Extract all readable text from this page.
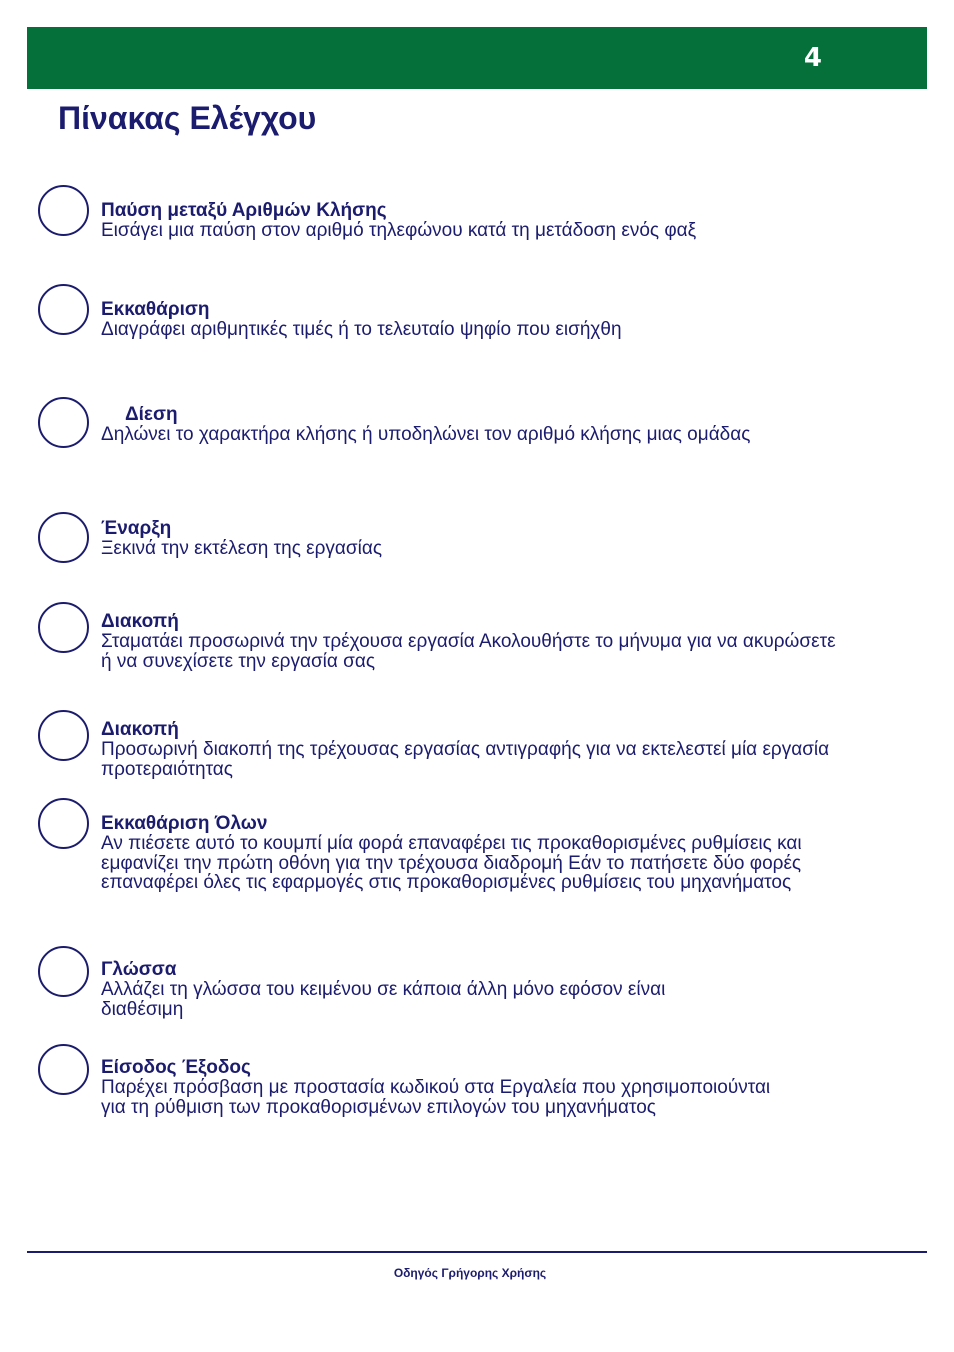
4
Πίνακας Ελέγχου

Παύση μεταξύ Αριθμών Κλήσης

Εισάγει μια παύση στον αριθμό τηλεφώνου κατά τη μετάδοση ενός φαξ

Εκκαθάριση

Διαγράφει αριθμητικές τιμές ή το τελευταίο ψηφίο που εισήχθη

Δίεση

Δηλώνει το χαρακτήρα κλήσης ή υποδηλώνει τον αριθμό κλήσης μιας ομάδας

Έναρξη

Ξεκινά την εκτέλεση της εργασίας

Διακοπή

Σταματάει προσωρινά την τρέχουσα εργασία Ακολουθήστε το μήνυμα για να ακυρώσετε ή να συνεχίσετε την εργασία σας

Διακοπή

Προσωρινή διακοπή της τρέχουσας εργασίας αντιγραφής για να εκτελεστεί μία εργασία προτεραιότητας

Εκκαθάριση Όλων

Αν πιέσετε αυτό το κουμπί μία φορά επαναφέρει τις προκαθορισμένες ρυθμίσεις και εμφανίζει την πρώτη οθόνη για την τρέχουσα διαδρομή Εάν το πατήσετε δύο φορές επαναφέρει όλες τις εφαρμογές στις προκαθορισμένες ρυθμίσεις του μηχανήματος

Γλώσσα

Αλλάζει τη γλώσσα του κειμένου σε κάποια άλλη μόνο εφόσον είναι διαθέσιμη

Είσοδος Έξοδος

Παρέχει πρόσβαση με προστασία κωδικού στα Εργαλεία που χρησιμοποιούνται για τη ρύθμιση των προκαθορισμένων επιλογών του μηχανήματος

Οδηγός Γρήγορης Χρήσης
